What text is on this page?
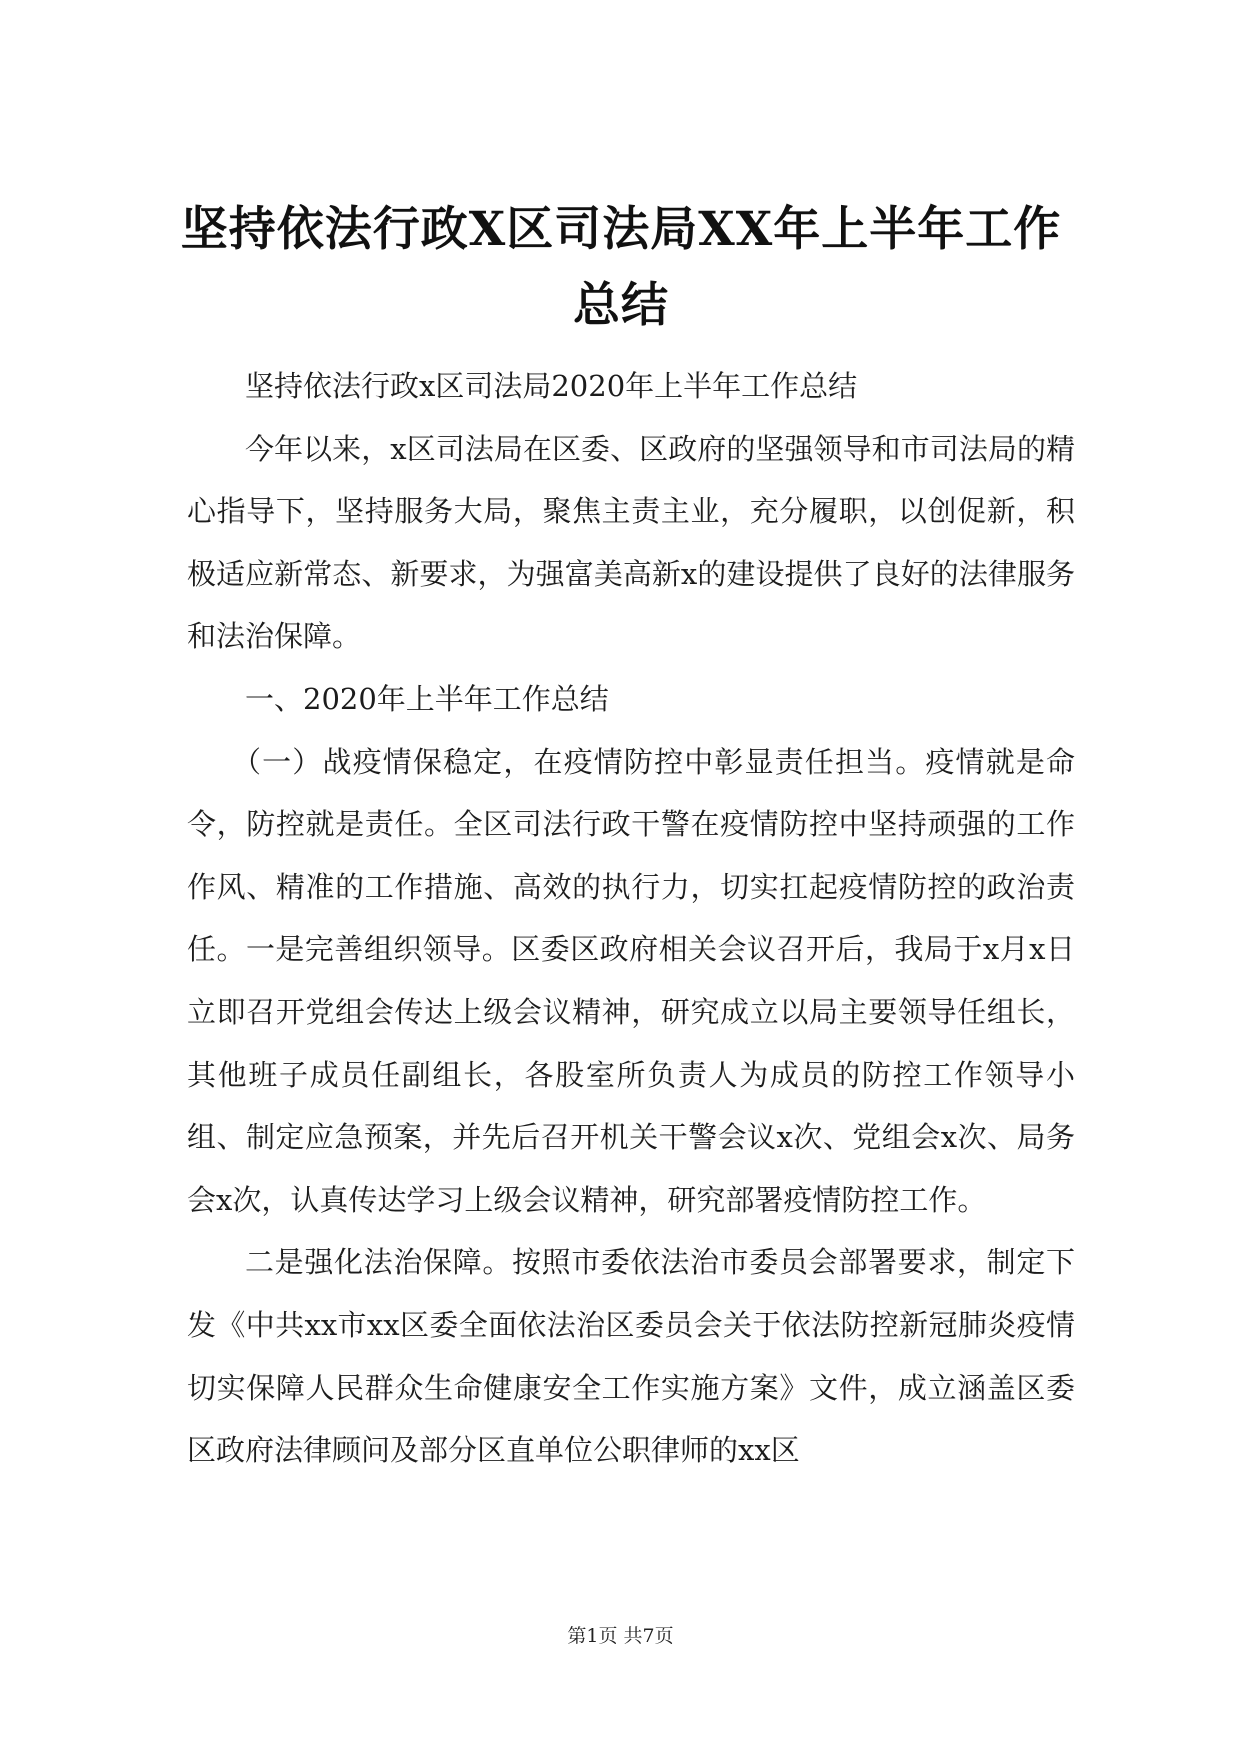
坚持依法行政X区司法局XX年上半年工作总结

坚持依法行政x区司法局2020年上半年工作总结

今年以来，x区司法局在区委、区政府的坚强领导和市司法局的精心指导下，坚持服务大局，聚焦主责主业，充分履职，以创促新，积极适应新常态、新要求，为强富美高新x的建设提供了良好的法律服务和法治保障。

一、2020年上半年工作总结

（一）战疫情保稳定，在疫情防控中彰显责任担当。疫情就是命令，防控就是责任。全区司法行政干警在疫情防控中坚持顽强的工作作风、精准的工作措施、高效的执行力，切实扛起疫情防控的政治责任。一是完善组织领导。区委区政府相关会议召开后，我局于x月x日立即召开党组会传达上级会议精神，研究成立以局主要领导任组长，其他班子成员任副组长，各股室所负责人为成员的防控工作领导小组、制定应急预案，并先后召开机关干警会议x次、党组会x次、局务会x次，认真传达学习上级会议精神，研究部署疫情防控工作。

二是强化法治保障。按照市委依法治市委员会部署要求，制定下发《中共xx市xx区委全面依法治区委员会关于依法防控新冠肺炎疫情切实保障人民群众生命健康安全工作实施方案》文件，成立涵盖区委区政府法律顾问及部分区直单位公职律师的xx区

第1页 共7页
